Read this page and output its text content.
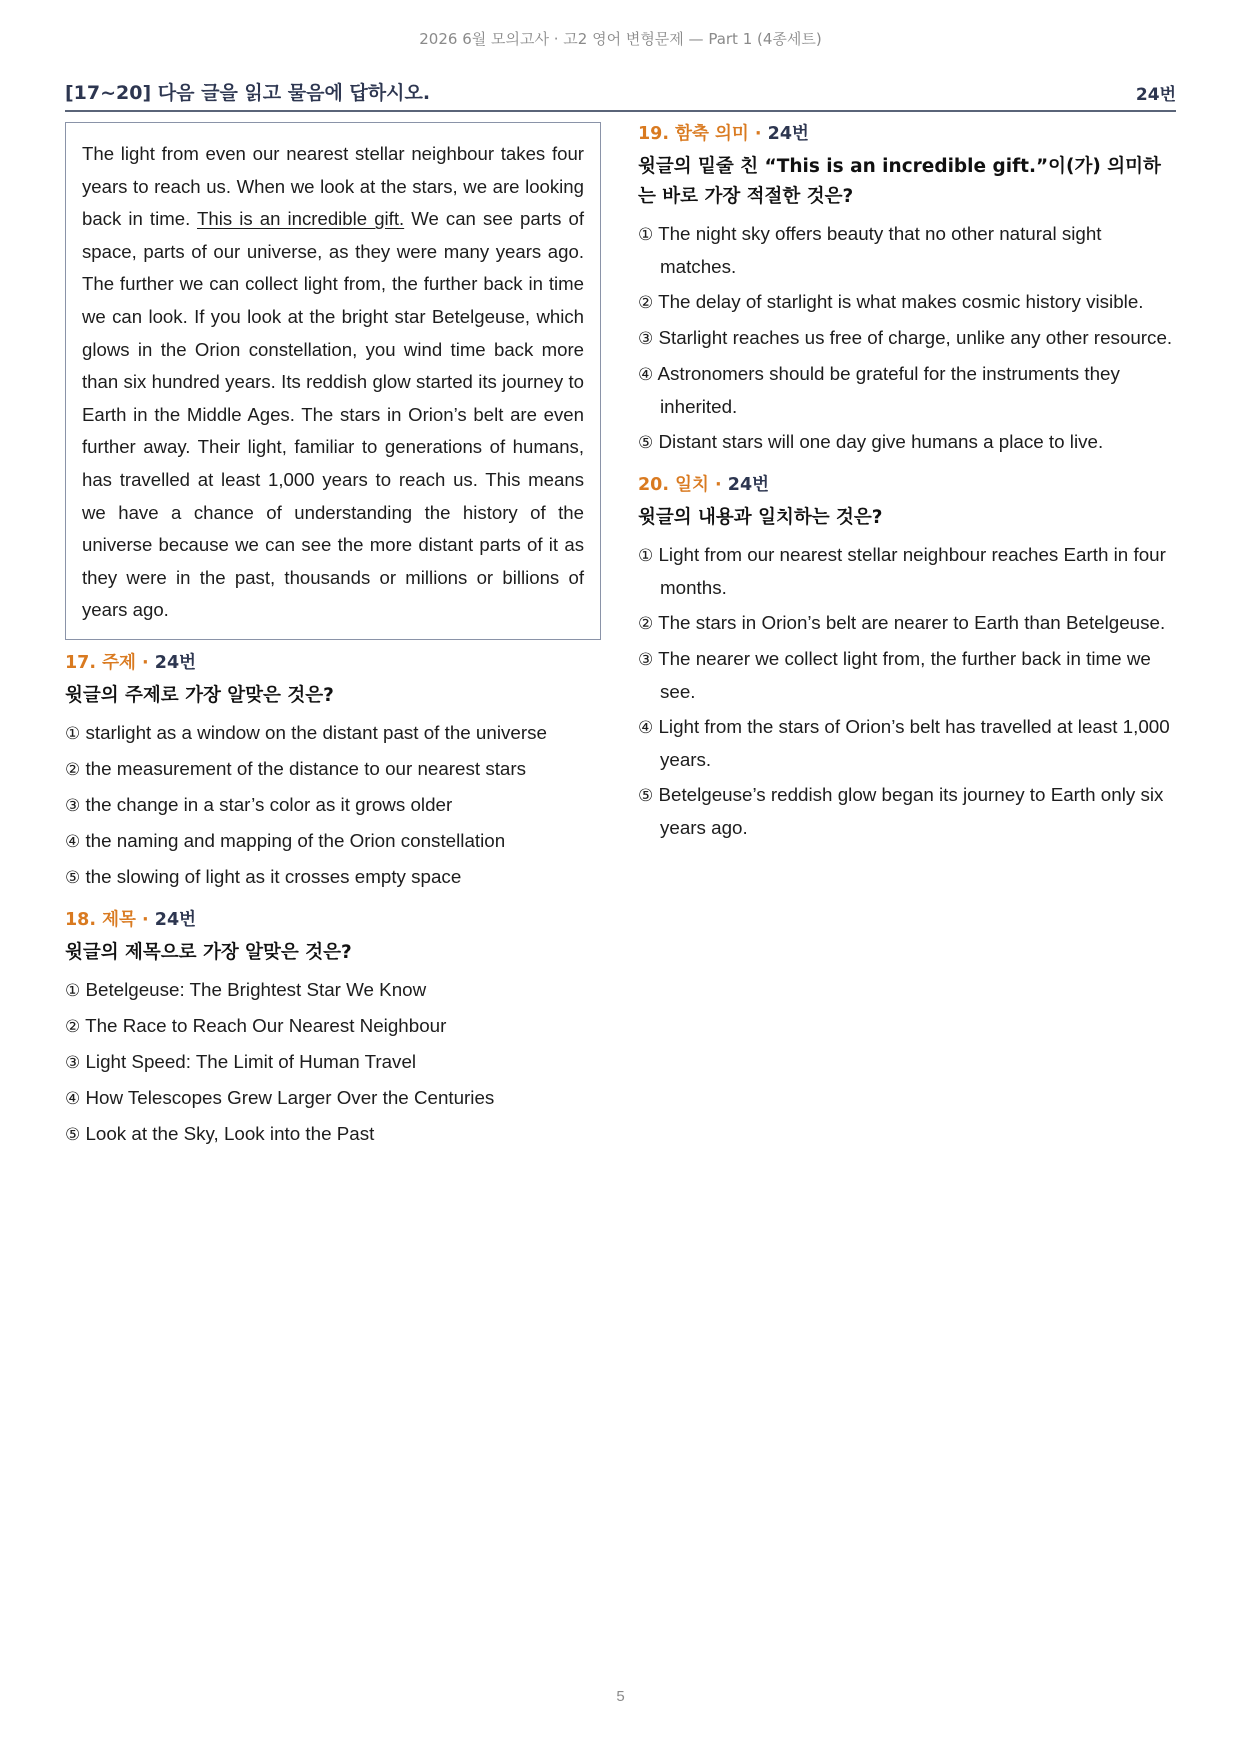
2026 6월 모의고사 · 고2 영어 변형문제 — Part 1 (4종세트)
[17~20] 다음 글을 읽고 물음에 답하시오.	24번
The light from even our nearest stellar neighbour takes four years to reach us. When we look at the stars, we are looking back in time. This is an incredible gift. We can see parts of space, parts of our universe, as they were many years ago. The further we can collect light from, the further back in time we can look. If you look at the bright star Betelgeuse, which glows in the Orion constellation, you wind time back more than six hundred years. Its reddish glow started its journey to Earth in the Middle Ages. The stars in Orion’s belt are even further away. Their light, familiar to generations of humans, has travelled at least 1,000 years to reach us. This means we have a chance of understanding the history of the universe because we can see the more distant parts of it as they were in the past, thousands or millions or billions of years ago.
17. 주제 · 24번
윗글의 주제로 가장 알맞은 것은?
① starlight as a window on the distant past of the universe
② the measurement of the distance to our nearest stars
③ the change in a star’s color as it grows older
④ the naming and mapping of the Orion constellation
⑤ the slowing of light as it crosses empty space
18. 제목 · 24번
윗글의 제목으로 가장 알맞은 것은?
① Betelgeuse: The Brightest Star We Know
② The Race to Reach Our Nearest Neighbour
③ Light Speed: The Limit of Human Travel
④ How Telescopes Grew Larger Over the Centuries
⑤ Look at the Sky, Look into the Past
19. 함축 의미 · 24번
윗글의 밑줄 친 “This is an incredible gift.”이(가) 의미하는 바로 가장 적절한 것은?
① The night sky offers beauty that no other natural sight matches.
② The delay of starlight is what makes cosmic history visible.
③ Starlight reaches us free of charge, unlike any other resource.
④ Astronomers should be grateful for the instruments they inherited.
⑤ Distant stars will one day give humans a place to live.
20. 일치 · 24번
윗글의 내용과 일치하는 것은?
① Light from our nearest stellar neighbour reaches Earth in four months.
② The stars in Orion’s belt are nearer to Earth than Betelgeuse.
③ The nearer we collect light from, the further back in time we see.
④ Light from the stars of Orion’s belt has travelled at least 1,000 years.
⑤ Betelgeuse’s reddish glow began its journey to Earth only six years ago.
5
